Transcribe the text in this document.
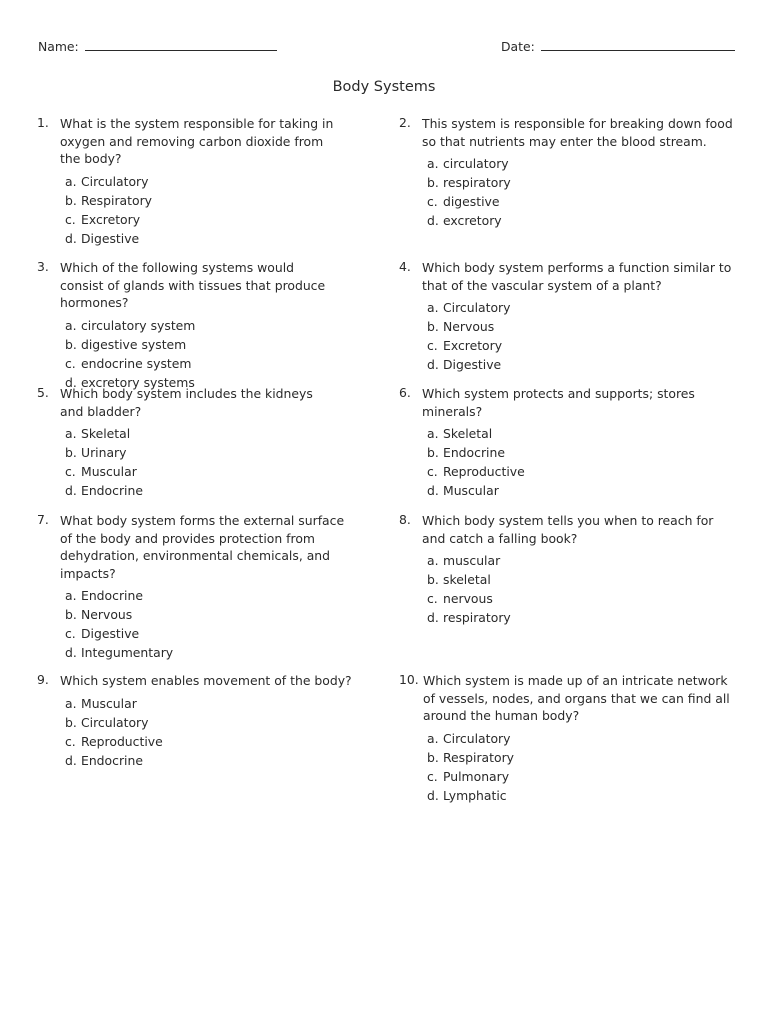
Name:	Date:
Body Systems
1. What is the system responsible for taking in oxygen and removing carbon dioxide from the body?
a. Circulatory
b. Respiratory
c. Excretory
d. Digestive
2. This system is responsible for breaking down food so that nutrients may enter the blood stream.
a. circulatory
b. respiratory
c. digestive
d. excretory
3. Which of the following systems would consist of glands with tissues that produce hormones?
a. circulatory system
b. digestive system
c. endocrine system
d. excretory systems
4. Which body system performs a function similar to that of the vascular system of a plant?
a. Circulatory
b. Nervous
c. Excretory
d. Digestive
5. Which body system includes the kidneys and bladder?
a. Skeletal
b. Urinary
c. Muscular
d. Endocrine
6. Which system protects and supports; stores minerals?
a. Skeletal
b. Endocrine
c. Reproductive
d. Muscular
7. What body system forms the external surface of the body and provides protection from dehydration, environmental chemicals, and impacts?
a. Endocrine
b. Nervous
c. Digestive
d. Integumentary
8. Which body system tells you when to reach for and catch a falling book?
a. muscular
b. skeletal
c. nervous
d. respiratory
9. Which system enables movement of the body?
a. Muscular
b. Circulatory
c. Reproductive
d. Endocrine
10. Which system is made up of an intricate network of vessels, nodes, and organs that we can find all around the human body?
a. Circulatory
b. Respiratory
c. Pulmonary
d. Lymphatic
